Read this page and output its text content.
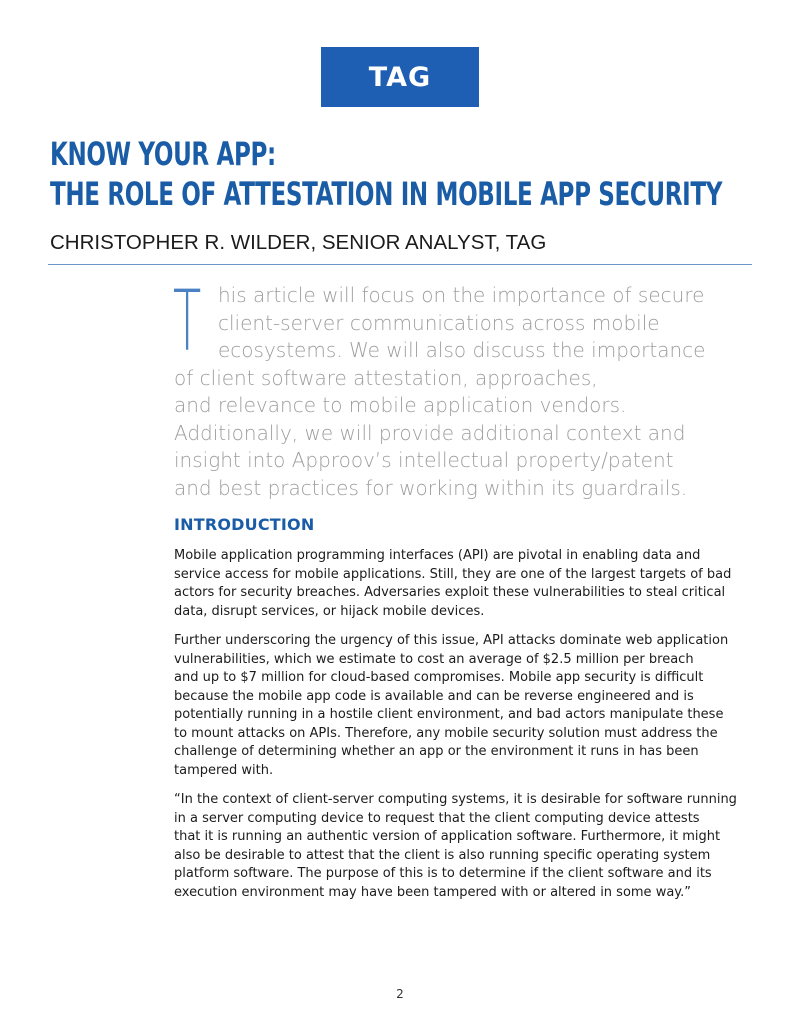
TAG
KNOW YOUR APP:
THE ROLE OF ATTESTATION IN MOBILE APP SECURITY

CHRISTOPHER R. WILDER, SENIOR ANALYST, TAG

T his article will focus on the importance of secure
client-server communications across mobile
ecosystems. We will also discuss the importance
of client software attestation, approaches,
and relevance to mobile application vendors.
Additionally, we will provide additional context and
insight into Approov’s intellectual property/patent
and best practices for working within its guardrails.

INTRODUCTION

Mobile application programming interfaces (API) are pivotal in enabling data and
service access for mobile applications. Still, they are one of the largest targets of bad
actors for security breaches. Adversaries exploit these vulnerabilities to steal critical
data, disrupt services, or hijack mobile devices.

Further underscoring the urgency of this issue, API attacks dominate web application
vulnerabilities, which we estimate to cost an average of $2.5 million per breach
and up to $7 million for cloud-based compromises. Mobile app security is difficult
because the mobile app code is available and can be reverse engineered and is
potentially running in a hostile client environment, and bad actors manipulate these
to mount attacks on APIs. Therefore, any mobile security solution must address the
challenge of determining whether an app or the environment it runs in has been
tampered with.

“In the context of client-server computing systems, it is desirable for software running
in a server computing device to request that the client computing device attests
that it is running an authentic version of application software. Furthermore, it might
also be desirable to attest that the client is also running specific operating system
platform software. The purpose of this is to determine if the client software and its
execution environment may have been tampered with or altered in some way.”

2
